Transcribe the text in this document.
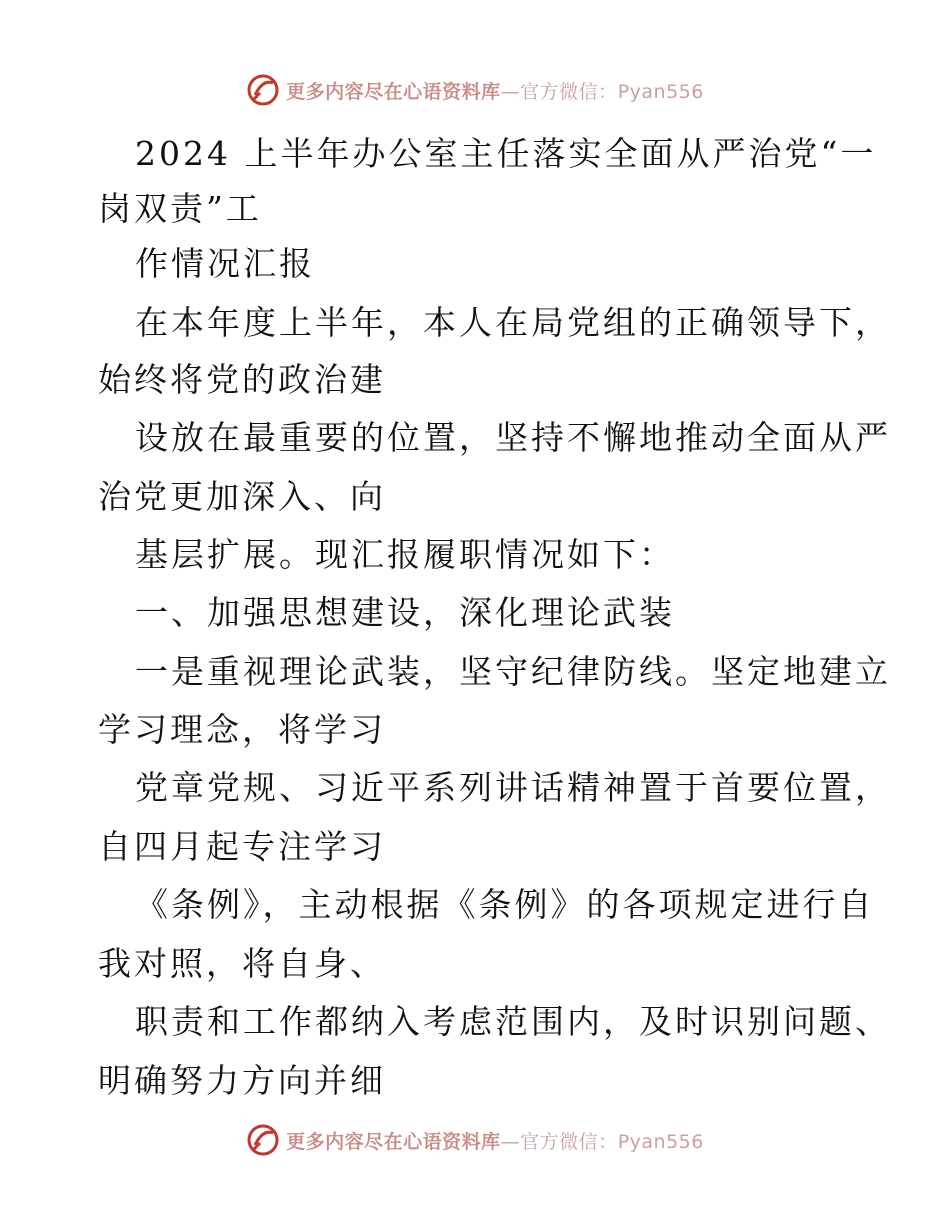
更多内容尽在心语资料库—官方微信：Pyan556
2024 上半年办公室主任落实全面从严治党“一
岗双责”工
作情况汇报
在本年度上半年，本人在局党组的正确领导下，
始终将党的政治建
设放在最重要的位置，坚持不懈地推动全面从严
治党更加深入、向
基层扩展。现汇报履职情况如下：
一、加强思想建设，深化理论武装
一是重视理论武装，坚守纪律防线。坚定地建立
学习理念，将学习
党章党规、习近平系列讲话精神置于首要位置，
自四月起专注学习
《条例》，主动根据《条例》的各项规定进行自
我对照，将自身、
职责和工作都纳入考虑范围内，及时识别问题、
明确努力方向并细
更多内容尽在心语资料库—官方微信：Pyan556
